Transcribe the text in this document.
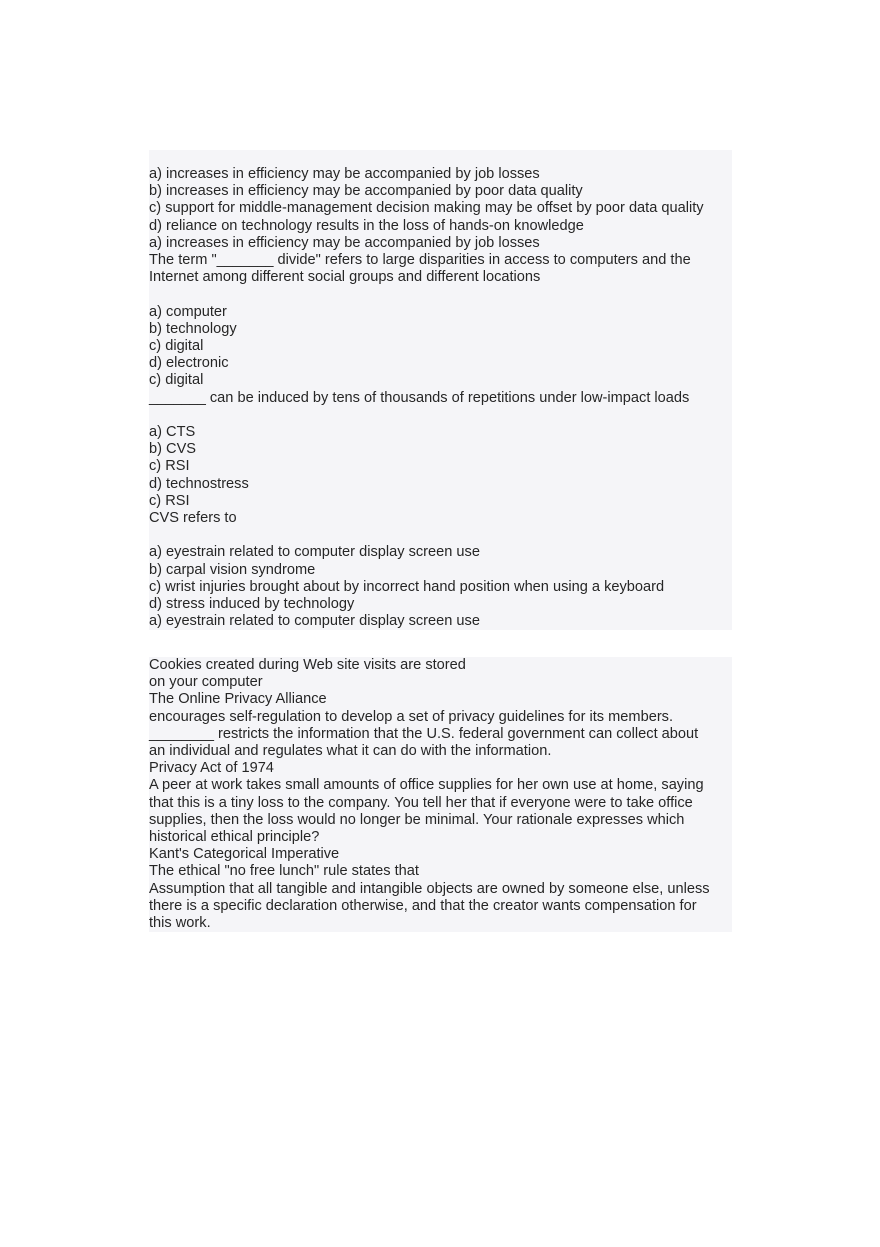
a) increases in efficiency may be accompanied by job losses

b) increases in efficiency may be accompanied by poor data quality

c) support for middle-management decision making may be offset by poor data quality

d) reliance on technology results in the loss of hands-on knowledge

a) increases in efficiency may be accompanied by job losses

The term "_______ divide" refers to large disparities in access to computers and the

Internet among different social groups and different locations

a) computer

b) technology

c) digital

d) electronic

c) digital

_______ can be induced by tens of thousands of repetitions under low-impact loads

a) CTS

b) CVS

c) RSI

d) technostress

c) RSI

CVS refers to

a) eyestrain related to computer display screen use

b) carpal vision syndrome

c) wrist injuries brought about by incorrect hand position when using a keyboard

d) stress induced by technology

a) eyestrain related to computer display screen use

Cookies created during Web site visits are stored

on your computer

The Online Privacy Alliance

encourages self-regulation to develop a set of privacy guidelines for its members.

________ restricts the information that the U.S. federal government can collect about

an individual and regulates what it can do with the information.

Privacy Act of 1974

A peer at work takes small amounts of office supplies for her own use at home, saying

that this is a tiny loss to the company. You tell her that if everyone were to take office

supplies, then the loss would no longer be minimal. Your rationale expresses which

historical ethical principle?

Kant's Categorical Imperative

The ethical "no free lunch" rule states that

Assumption that all tangible and intangible objects are owned by someone else, unless

there is a specific declaration otherwise, and that the creator wants compensation for

this work.
